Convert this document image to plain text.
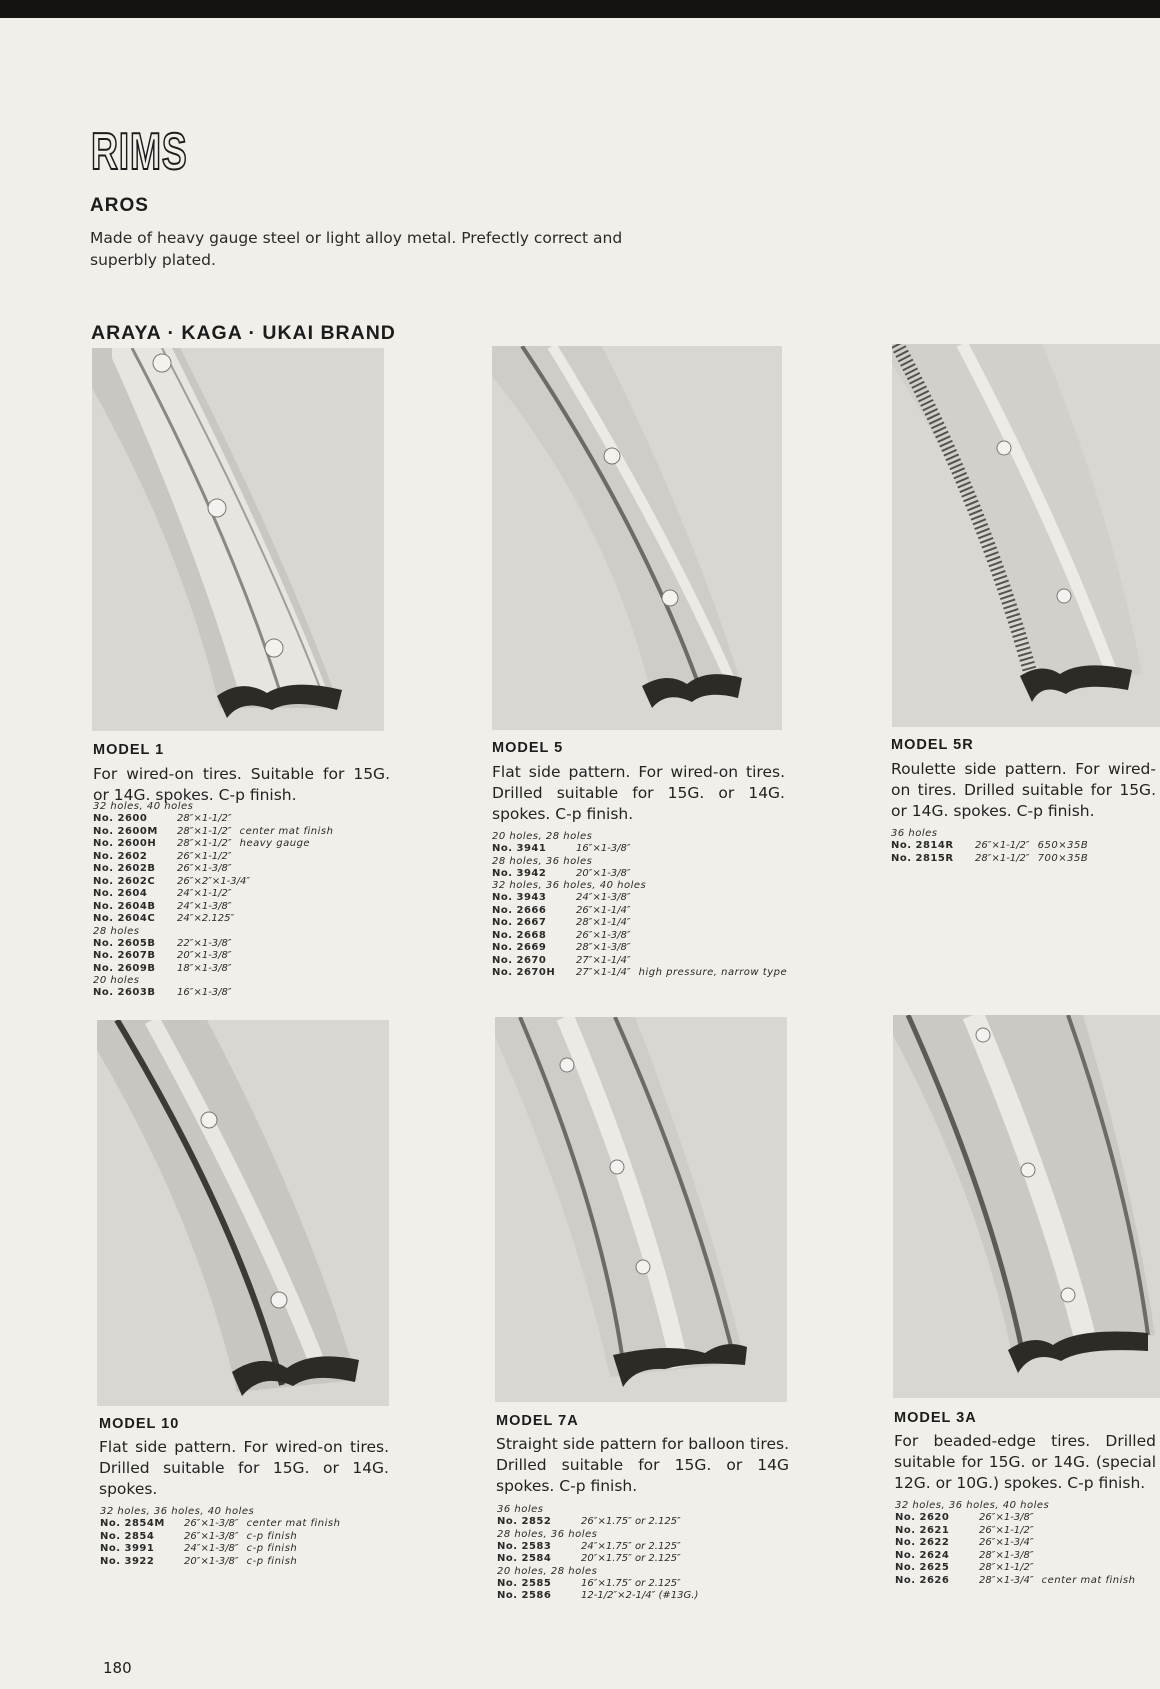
RIMS
AROS

Made of heavy gauge steel or light alloy metal. Prefectly correct and superbly plated.

ARAYA · KAGA · UKAI BRAND
MODEL 1

For wired-on tires. Suitable for 15G. or 14G. spokes. C-p finish.

32 holes, 40 holes
No. 2600	28″×1-1/2″
No. 2600M	28″×1-1/2″ center mat finish
No. 2600H	28″×1-1/2″ heavy gauge
No. 2602	26″×1-1/2″
No. 2602B	26″×1-3/8″
No. 2602C	26″×2″×1-3/4″
No. 2604	24″×1-1/2″
No. 2604B	24″×1-3/8″
No. 2604C	24″×2.125″
28 holes
No. 2605B	22″×1-3/8″
No. 2607B	20″×1-3/8″
No. 2609B	18″×1-3/8″
20 holes
No. 2603B	16″×1-3/8″
MODEL 5

Flat side pattern. For wired-on tires. Drilled suitable for 15G. or 14G. spokes. C-p finish.

20 holes, 28 holes
No. 3941	16″×1-3/8″
28 holes, 36 holes
No. 3942	20″×1-3/8″
32 holes, 36 holes, 40 holes
No. 3943	24″×1-3/8″
No. 2666	26″×1-1/4″
No. 2667	28″×1-1/4″
No. 2668	26″×1-3/8″
No. 2669	28″×1-3/8″
No. 2670	27″×1-1/4″
No. 2670H	27″×1-1/4″ high pressure, narrow type
MODEL 5R

Roulette side pattern. For wired-on tires. Drilled suitable for 15G. or 14G. spokes. C-p finish.

36 holes
No. 2814R	26″×1-1/2″ 650×35B
No. 2815R	28″×1-1/2″ 700×35B
MODEL 10

Flat side pattern. For wired-on tires. Drilled suitable for 15G. or 14G. spokes.

32 holes, 36 holes, 40 holes
No. 2854M	26″×1-3/8″ center mat finish
No. 2854	26″×1-3/8″ c-p finish
No. 3991	24″×1-3/8″ c-p finish
No. 3922	20″×1-3/8″ c-p finish
MODEL 7A

Straight side pattern for balloon tires. Drilled suitable for 15G. or 14G spokes. C-p finish.

36 holes
No. 2852	26″×1.75″ or 2.125″
28 holes, 36 holes
No. 2583	24″×1.75″ or 2.125″
No. 2584	20″×1.75″ or 2.125″
20 holes, 28 holes
No. 2585	16″×1.75″ or 2.125″
No. 2586	12-1/2″×2-1/4″ (#13G.)
MODEL 3A

For beaded-edge tires. Drilled suitable for 15G. or 14G. (special 12G. or 10G.) spokes. C-p finish.

32 holes, 36 holes, 40 holes
No. 2620	26″×1-3/8″
No. 2621	26″×1-1/2″
No. 2622	26″×1-3/4″
No. 2624	28″×1-3/8″
No. 2625	28″×1-1/2″
No. 2626	28″×1-3/4″ center mat finish

180
